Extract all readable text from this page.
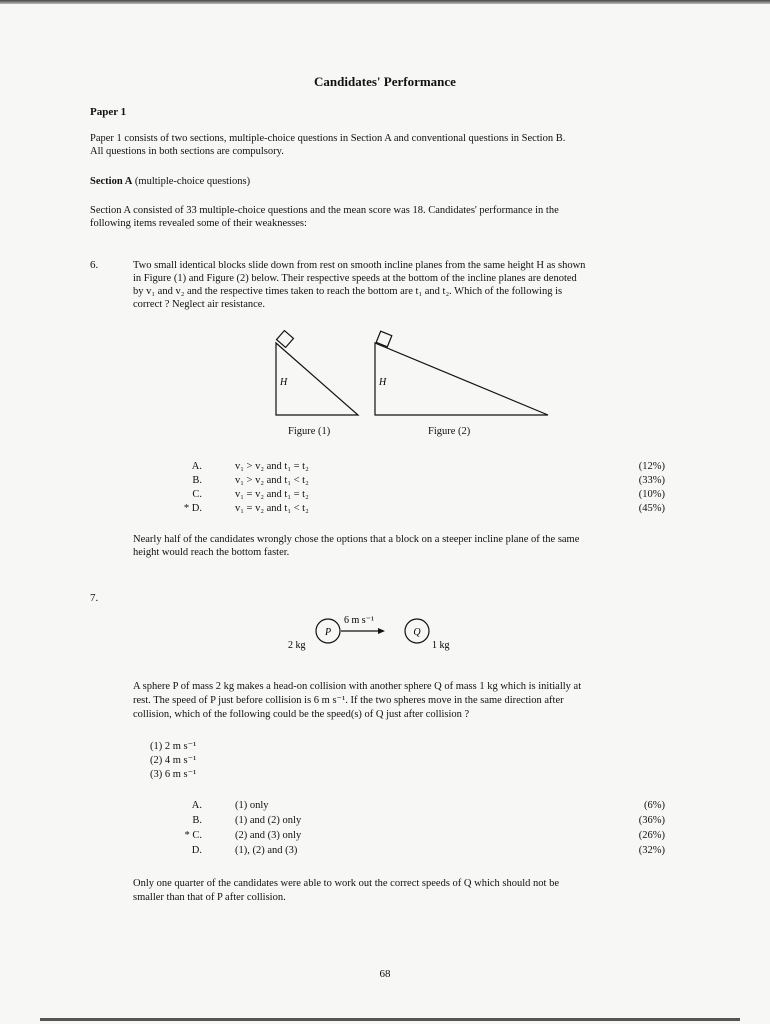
Candidates' Performance
Paper 1
Paper 1 consists of two sections, multiple-choice questions in Section A and conventional questions in Section B.
All questions in both sections are compulsory.
Section A (multiple-choice questions)
Section A consisted of 33 multiple-choice questions and the mean score was 18. Candidates' performance in the
following items revealed some of their weaknesses:
6.	Two small identical blocks slide down from rest on smooth incline planes from the same height H as shown
in Figure (1) and Figure (2) below. Their respective speeds at the bottom of the incline planes are denoted
by v₁ and v₂ and the respective times taken to reach the bottom are t₁ and t₂. Which of the following is
correct ? Neglect air resistance.
H	H
P
6 m s⁻¹
2 kg
Q
1 kg
Figure (1)	Figure (2)
A.	v₁ > v₂ and t₁ = t₂	(12%)
B.	v₁ > v₂ and t₁ < t₂	(33%)
C.	v₁ = v₂ and t₁ = t₂	(10%)
* D.	v₁ = v₂ and t₁ < t₂	(45%)
Nearly half of the candidates wrongly chose the options that a block on a steeper incline plane of the same
height would reach the bottom faster.
7.
A sphere P of mass 2 kg makes a head-on collision with another sphere Q of mass 1 kg which is initially at
rest. The speed of P just before collision is 6 m s⁻¹. If the two spheres move in the same direction after
collision, which of the following could be the speed(s) of Q just after collision ?
(1) 2 m s⁻¹
(2) 4 m s⁻¹
(3) 6 m s⁻¹
A.	(1) only	(6%)
B.	(1) and (2) only	(36%)
* C.	(2) and (3) only	(26%)
D.	(1), (2) and (3)	(32%)
Only one quarter of the candidates were able to work out the correct speeds of Q which should not be
smaller than that of P after collision.
68
